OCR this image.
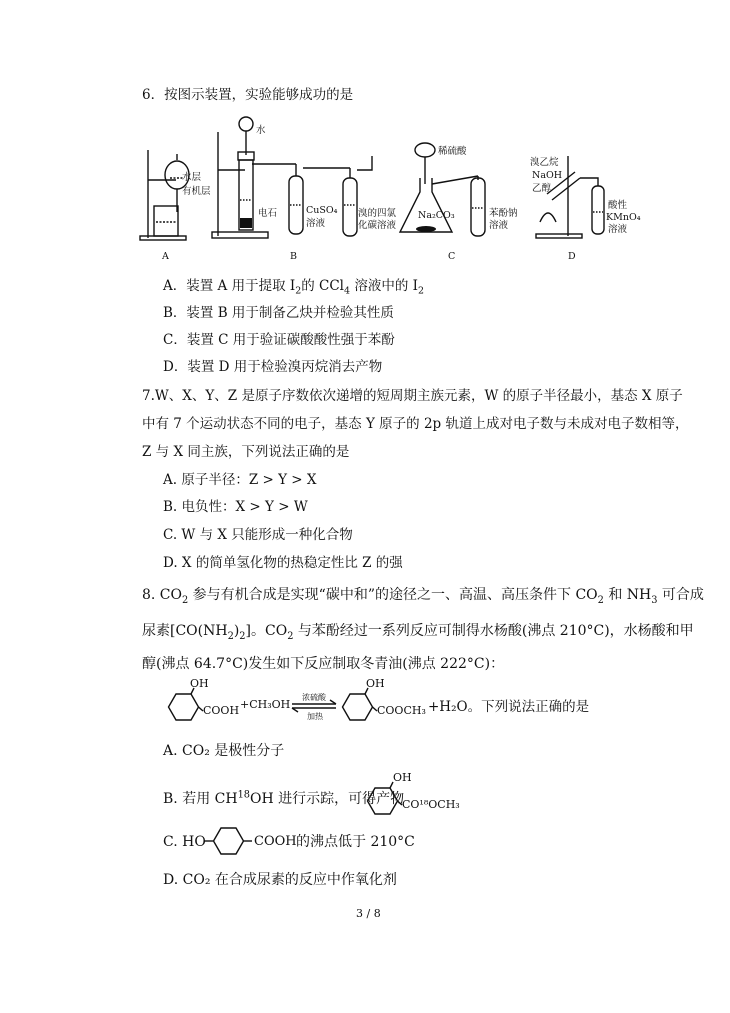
6．按图示装置，实验能够成功的是
水层
有机层
水
电石	CuSO₄
溶液
溴的四氯
化碳溶液
稀硫酸
Na₂CO₃	苯酚钠
溶液
溴乙烷
NaOH
乙醇
酸性
KMnO₄
溶液
A	B	C	D
A．装置 A 用于提取 $I_2$的 CCl$_4$ 溶液中的 $I_2$
B．装置 B 用于制备乙炔并检验其性质
C．装置 C 用于验证碳酸酸性强于苯酚
D．装置 D 用于检验溴丙烷消去产物
7.W、X、Y、Z 是原子序数依次递增的短周期主族元素，W 的原子半径最小，基态 X 原子
中有 7 个运动状态不同的电子，基态 Y 原子的 2p 轨道上成对电子数与未成对电子数相等，
Z 与 X 同主族，下列说法正确的是
A. 原子半径：Z > Y > X
B. 电负性：X > Y > W
C. W 与 X 只能形成一种化合物
D. X 的简单氢化物的热稳定性比 Z 的强
8. $CO_2$ 参与有机合成是实现“碳中和”的途径之一、高温、高压条件下 $CO_2$ 和 $NH_3$ 可合成
尿素$[CO(NH_2)_2]$。$CO_2$ 与苯酚经过一系列反应可制得水杨酸(沸点 210°C)，水杨酸和甲
醇(沸点 64.7°C)发生如下反应制取冬青油(沸点 222°C)：
OH
COOH +CH₃OH
浓硫酸
加热
OH
COOCH₃ +H₂O。下列说法正确的是
A. CO₂ 是极性分子
B. 若用 CH$^{18}$OH 进行示踪，可得产物
OH
CO¹⁸OCH₃
C. HO	COOH 的沸点低于 210°C
D. CO₂ 在合成尿素的反应中作氧化剂
3 / 8
